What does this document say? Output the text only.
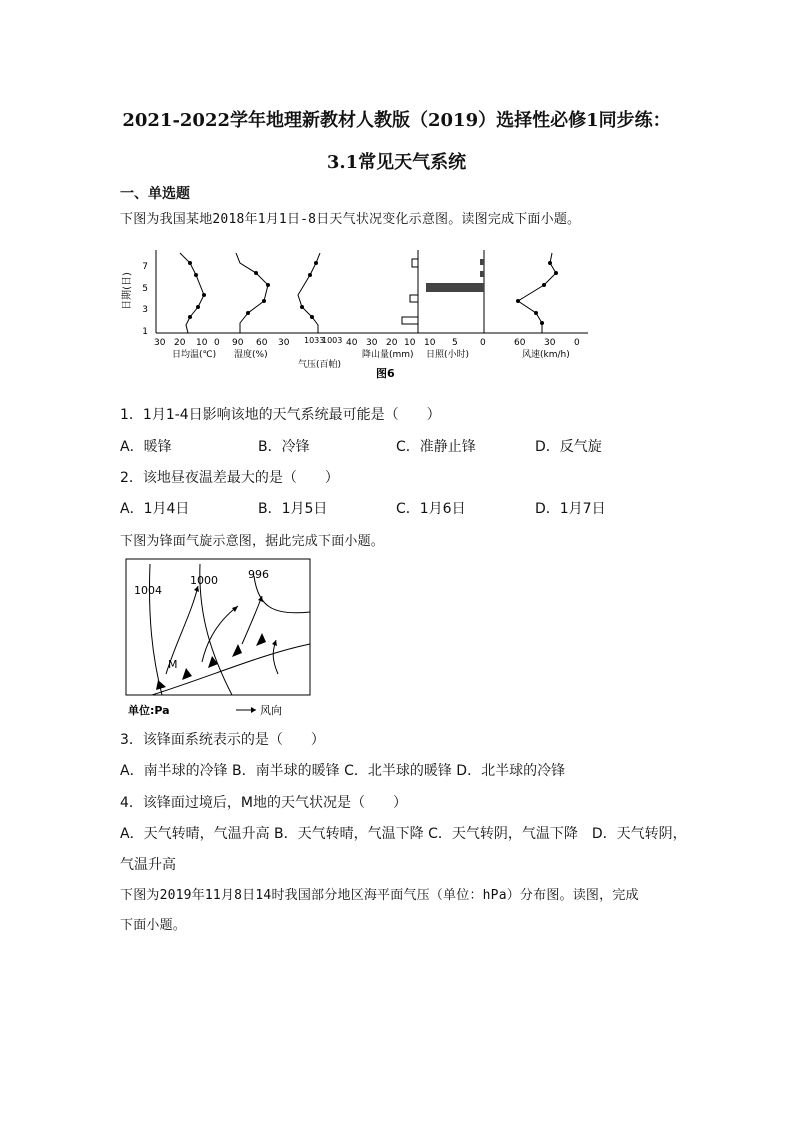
2021-2022学年地理新教材人教版（2019）选择性必修1同步练：
3.1常见天气系统
一、单选题
下图为我国某地2018年1月1日-8日天气状况变化示意图。读图完成下面小题。
日期(日)
1
3
5
7
30 20 10 0
日均温(℃)
90 60 30
湿度(%)
1033
1003
气压(百帕)
40 30 20 10
降山量(mm)
10 5 0
日照(小时)
60 30 0
风速(km/h)
图6
1．1月1-4日影响该地的天气系统最可能是（　　）
A．暖锋	B．冷锋	C．准静止锋	D．反气旋
2．该地昼夜温差最大的是（　　）
A．1月4日	B．1月5日	C．1月6日	D．1月7日
下图为锋面气旋示意图，据此完成下面小题。
1004
1000	996
M
单位:Pa	风向
3．该锋面系统表示的是（　　）
A．南半球的冷锋 B．南半球的暖锋 C．北半球的暖锋 D．北半球的冷锋
4．该锋面过境后，M地的天气状况是（　　）
A．天气转晴，气温升高 B．天气转晴，气温下降 C．天气转阴，气温下降　D．天气转阴，
气温升高
下图为2019年11月8日14时我国部分地区海平面气压（单位：hPa）分布图。读图，完成
下面小题。
